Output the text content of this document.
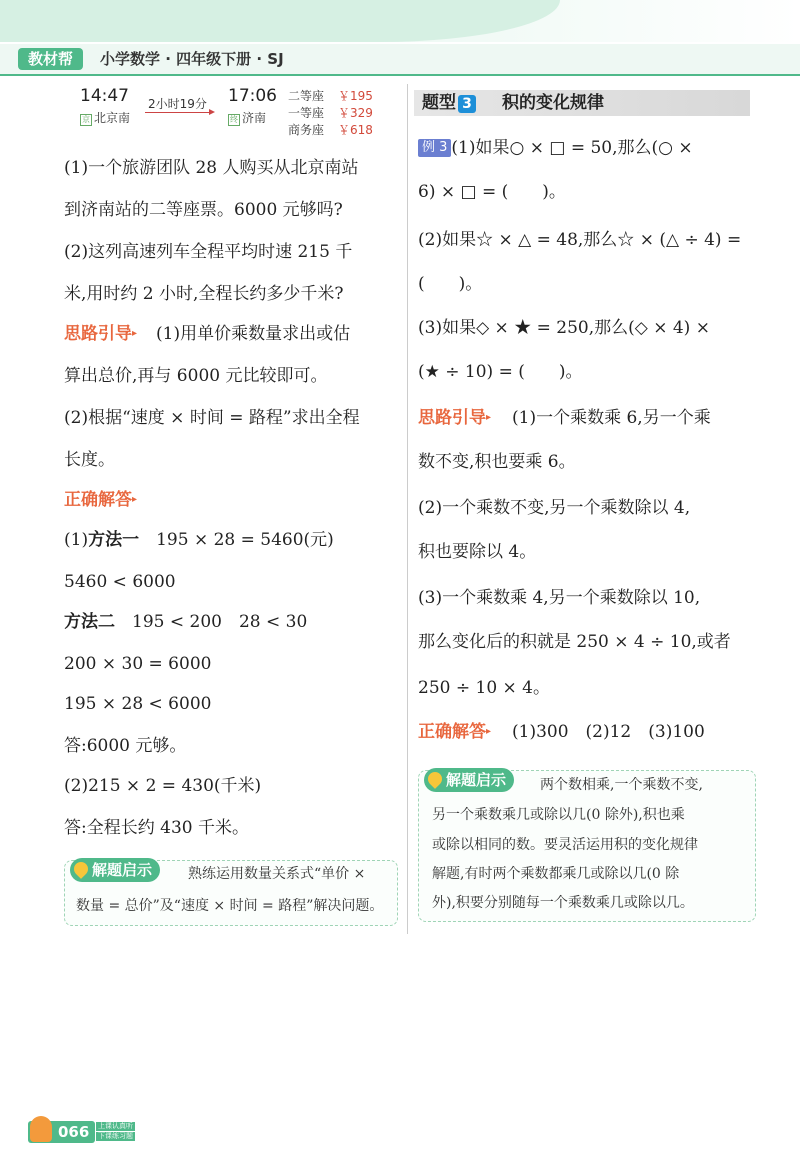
教材帮	小学数学 · 四年级下册 · SJ
14:47
京 北京南
2小时19分 17:06
终 济南
二等座 ￥195
一等座 ￥329
商务座 ￥618
(1)一个旅游团队 28 人购买从北京南站
到济南站的二等座票。6000 元够吗?
(2)这列高速列车全程平均时速 215 千
米,用时约 2 小时,全程长约多少千米?
思路引导▸ (1)用单价乘数量求出或估
算出总价,再与 6000 元比较即可。
(2)根据“速度 × 时间 = 路程”求出全程
长度。
正确解答▸
(1)方法一　 195 × 28 = 5460(元)
5460 < 6000
方法二　 195 < 200　28 < 30
200 × 30 = 6000
195 × 28 < 6000
答:6000 元够。
(2)215 × 2 = 430(千米)
答:全程长约 430 千米。
解题启示	熟练运用数量关系式“单价 ×
数量 = 总价”及“速度 × 时间 = 路程”解决问题。
题型 3	积的变化规律
例 3 (1)如果○ × □ = 50,那么(○ ×
6) × □ = (　　)。
(2)如果☆ × △ = 48,那么☆ × (△ ÷ 4) =
(　　)。
(3)如果◇ × ★ = 250,那么(◇ × 4) ×
(★ ÷ 10) = (　　)。
思路引导▸ (1)一个乘数乘 6,另一个乘
数不变,积也要乘 6。
(2)一个乘数不变,另一个乘数除以 4,
积也要除以 4。
(3)一个乘数乘 4,另一个乘数除以 10,
那么变化后的积就是 250 × 4 ÷ 10,或者
250 ÷ 10 × 4。
正确解答▸ (1)300　(2)12　(3)100
解题启示	两个数相乘,一个乘数不变,
另一个乘数乘几或除以几(0 除外),积也乘
或除以相同的数。要灵活运用积的变化规律
解题,有时两个乘数都乘几或除以几(0 除
外),积要分别随每一个乘数乘几或除以几。
066	上课认真听
下课练习题
